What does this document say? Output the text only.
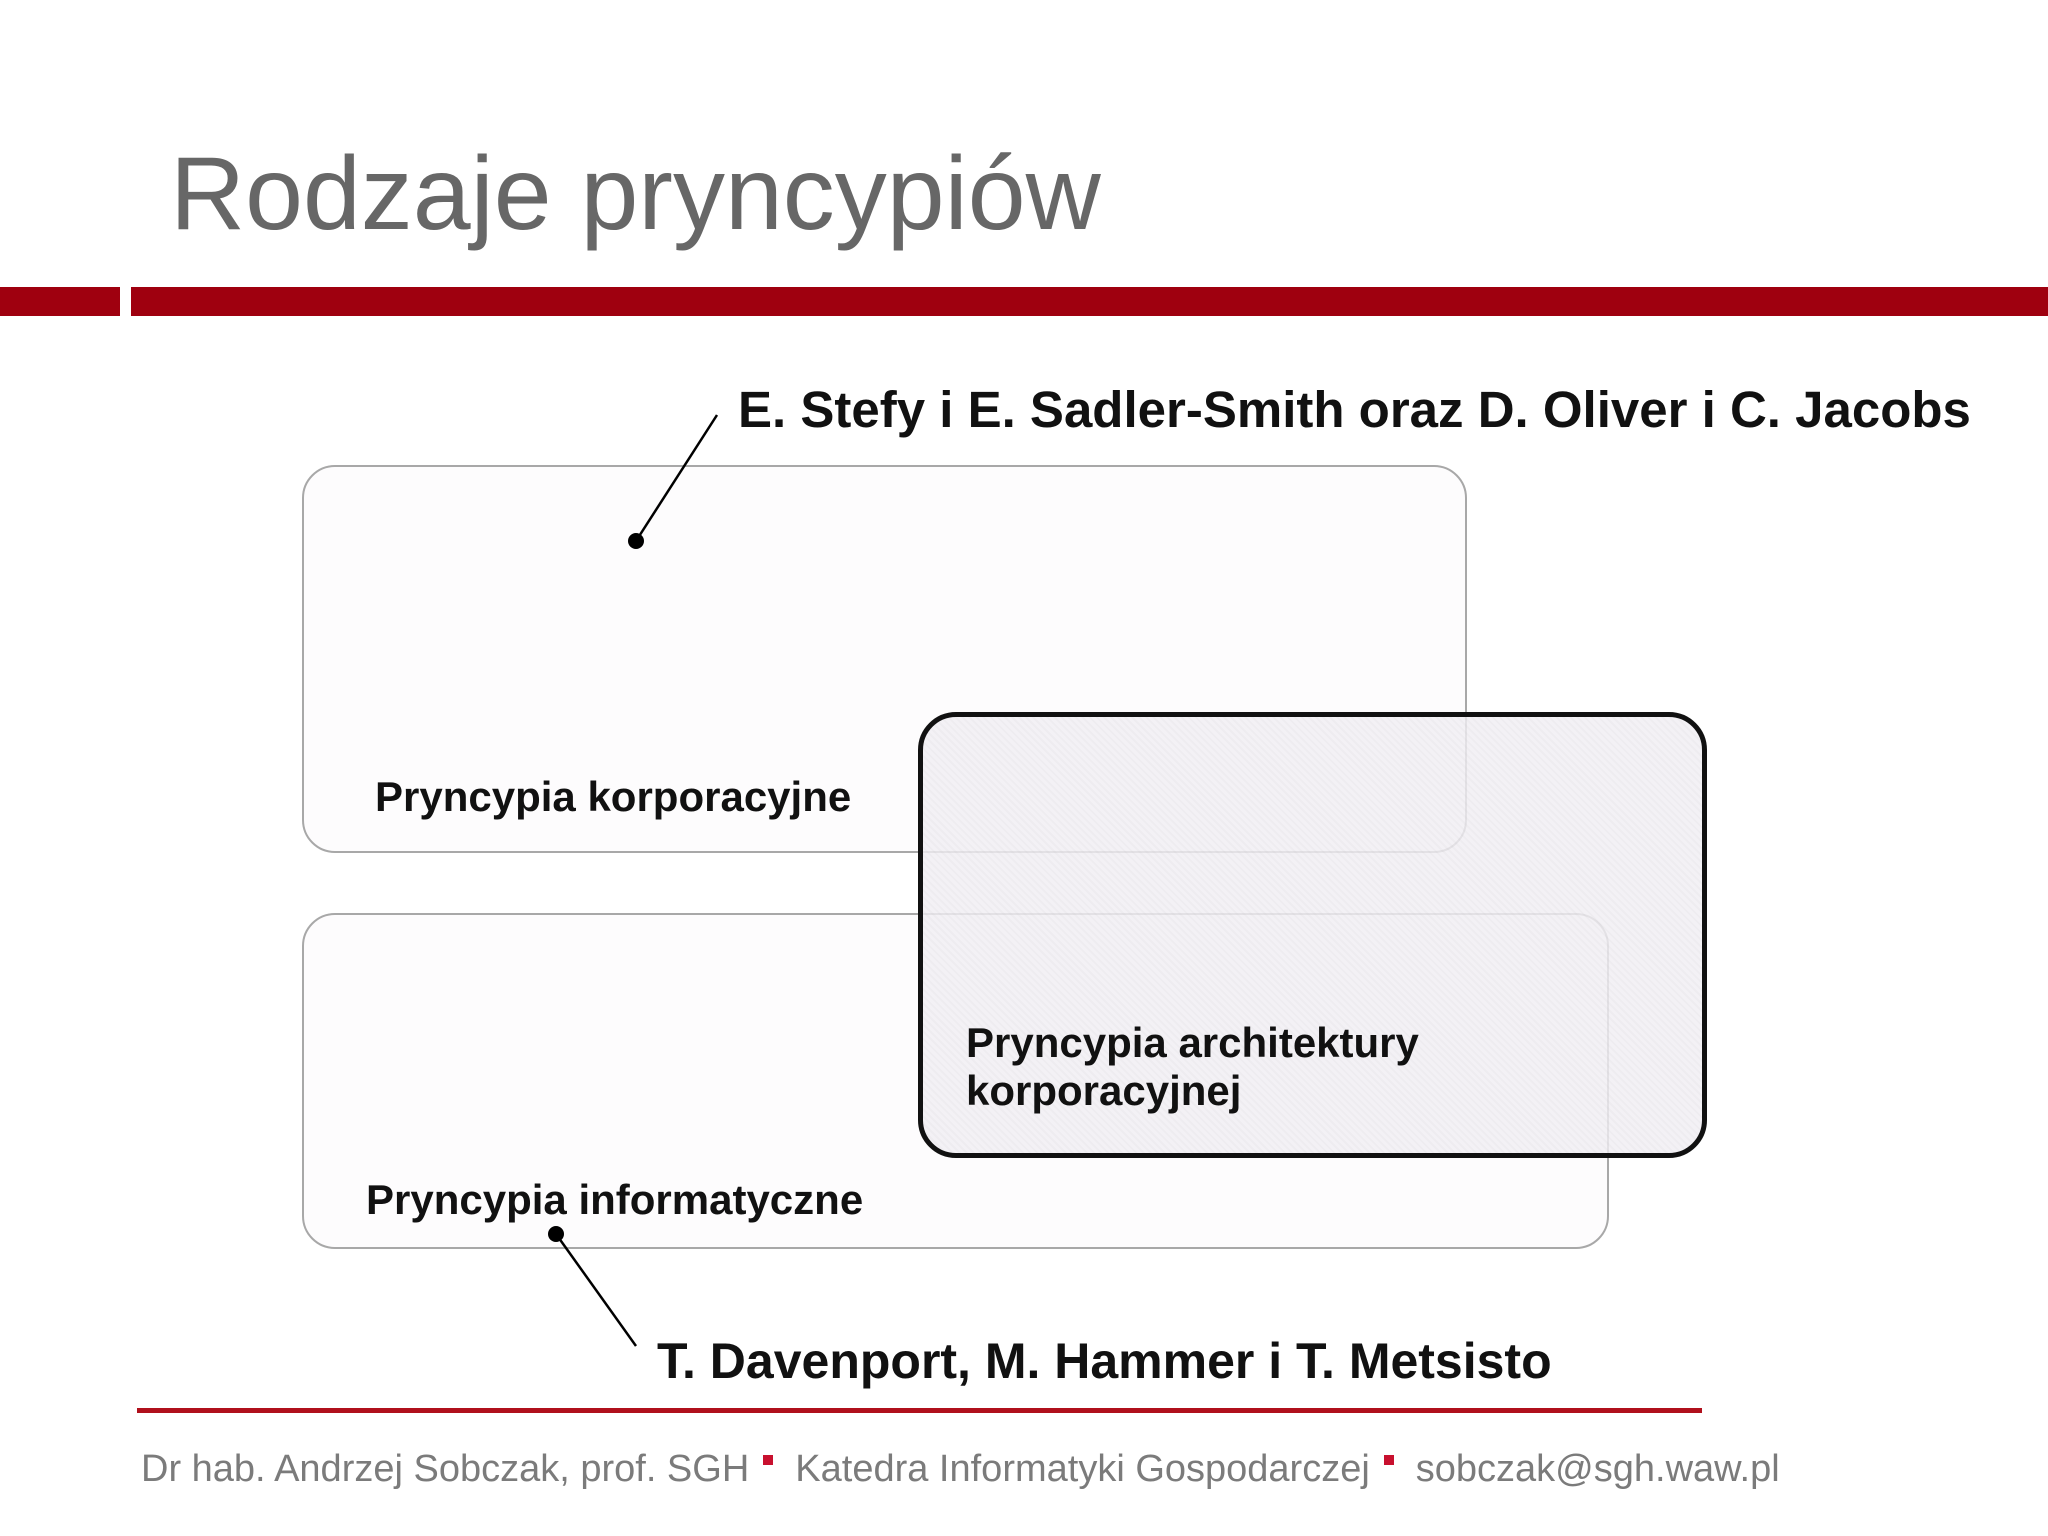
Rodzaje pryncypiów
E. Stefy i E. Sadler-Smith oraz D. Oliver i C. Jacobs
Pryncypia korporacyjne
Pryncypia informatyczne
Pryncypia architektury korporacyjnej
T. Davenport, M. Hammer i T. Metsisto
Dr hab. Andrzej Sobczak, prof. SGH Katedra Informatyki Gospodarczej sobczak@sgh.waw.pl
